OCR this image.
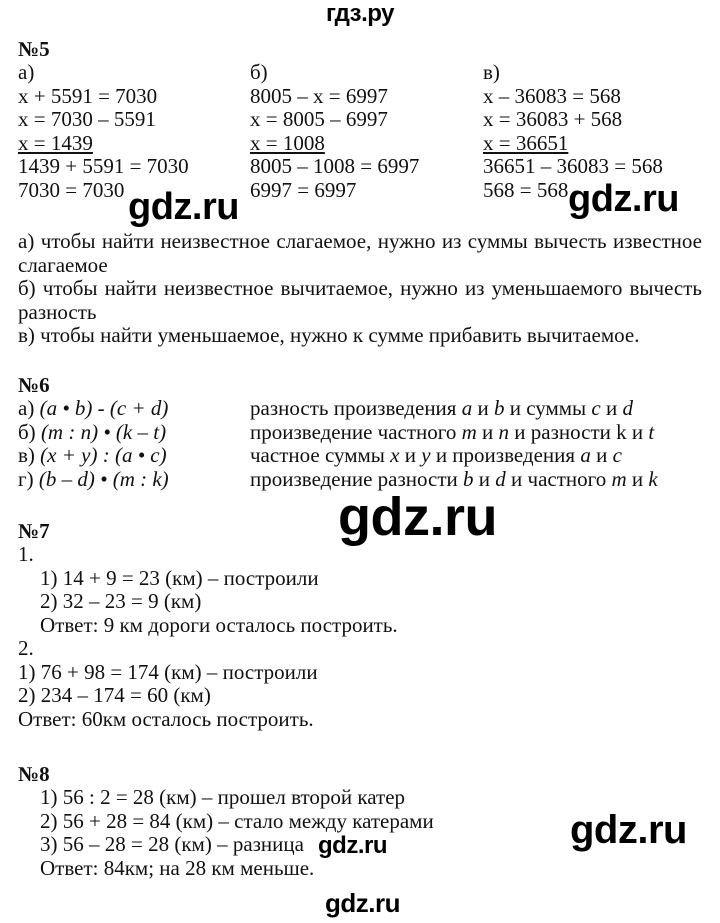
гдз.ру
№5
а)
x + 5591 = 7030
x = 7030 – 5591
x = 1439
1439 + 5591 = 7030
7030 = 7030
б)
8005 – x = 6997
x = 8005 – 6997
x = 1008
8005 – 1008 = 6997
6997 = 6997
в)
x – 36083 = 568
x = 36083 + 568
x = 36651
36651 – 36083 = 568
568 = 568
gdz.ru	gdz.ru
а) чтобы найти неизвестное слагаемое, нужно из суммы вычесть известное
слагаемое
б) чтобы найти неизвестное вычитаемое, нужно из уменьшаемого вычесть
разность
в) чтобы найти уменьшаемое, нужно к сумме прибавить вычитаемое.
№6
а) (a • b) - (c + d)
б) (m : n) • (k – t)
в) (x + y) : (a • c)
г) (b – d) • (m : k)
разность произведения a и b и суммы c и d
произведение частного m и n и разности k и t
частное суммы x и y и произведения a и c
произведение разности b и d и частного m и k
gdz.ru
№7
1.
1) 14 + 9 = 23 (км) – построили
2) 32 – 23 = 9 (км)
Ответ: 9 км дороги осталось построить.
2.
1) 76 + 98 = 174 (км) – построили
2) 234 – 174 = 60 (км)
Ответ: 60км осталось построить.
№8
1) 56 : 2 = 28 (км) – прошел второй катер
2) 56 + 28 = 84 (км) – стало между катерами
3) 56 – 28 = 28 (км) – разница
Ответ: 84км; на 28 км меньше.
gdz.ru	gdz.ru
gdz.ru
